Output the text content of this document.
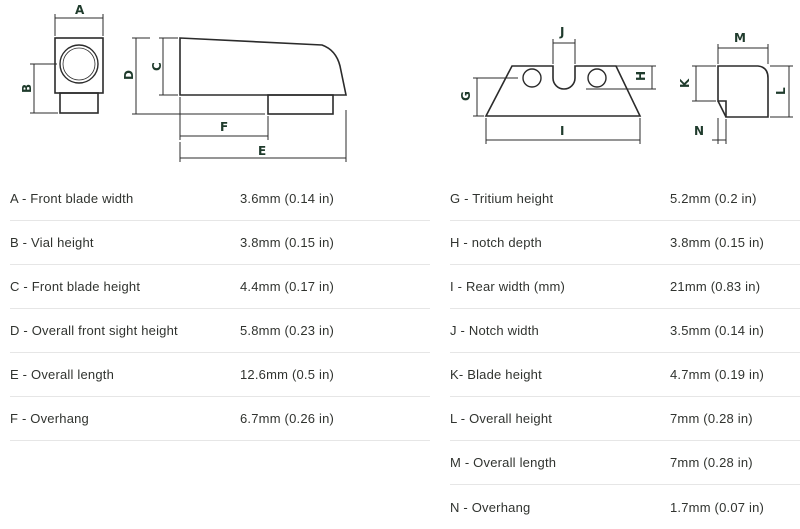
A
B
C
D
F
E
J
G
H
I
M
K
L
N
A - Front blade width	3.6mm (0.14 in)
B - Vial height	3.8mm (0.15 in)
C - Front blade height	4.4mm (0.17 in)
D - Overall front sight height	5.8mm (0.23 in)
E - Overall length	12.6mm (0.5 in)
F - Overhang	6.7mm (0.26 in)
G - Tritium height	5.2mm (0.2 in)
H - notch depth	3.8mm (0.15 in)
I - Rear width (mm)	21mm (0.83 in)
J - Notch width	3.5mm (0.14 in)
K- Blade height	4.7mm (0.19 in)
L - Overall height	7mm (0.28 in)
M - Overall length	7mm (0.28 in)
N - Overhang	1.7mm (0.07 in)
